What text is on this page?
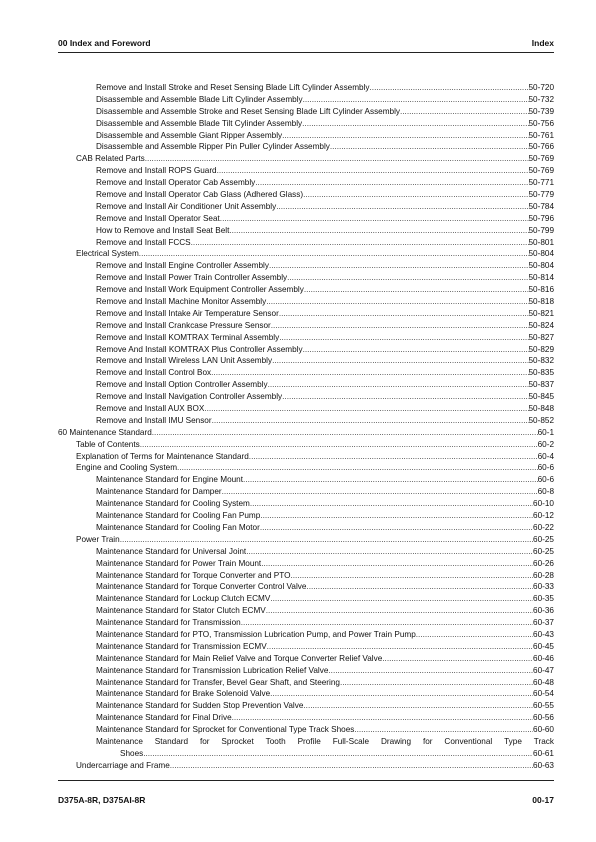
00 Index and Foreword	Index
Remove and Install Stroke and Reset Sensing Blade Lift Cylinder Assembly .....	50-720
Disassemble and Assemble Blade Lift Cylinder Assembly .....	50-732
Disassemble and Assemble Stroke and Reset Sensing Blade Lift Cylinder Assembly .....	50-739
Disassemble and Assemble Blade Tilt Cylinder Assembly .....	50-756
Disassemble and Assemble Giant Ripper Assembly .....	50-761
Disassemble and Assemble Ripper Pin Puller Cylinder Assembly .....	50-766
CAB Related Parts .....	50-769
Remove and Install ROPS Guard .....	50-769
Remove and Install Operator Cab Assembly .....	50-771
Remove and Install Operator Cab Glass (Adhered Glass) .....	50-779
Remove and Install Air Conditioner Unit Assembly .....	50-784
Remove and Install Operator Seat .....	50-796
How to Remove and Install Seat Belt .....	50-799
Remove and Install FCCS .....	50-801
Electrical System .....	50-804
Remove and Install Engine Controller Assembly .....	50-804
Remove and Install Power Train Controller Assembly .....	50-814
Remove and Install Work Equipment Controller Assembly .....	50-816
Remove and Install Machine Monitor Assembly .....	50-818
Remove and Install Intake Air Temperature Sensor .....	50-821
Remove and Install Crankcase Pressure Sensor .....	50-824
Remove and Install KOMTRAX Terminal Assembly .....	50-827
Remove And Install KOMTRAX Plus Controller Assembly .....	50-829
Remove and Install Wireless LAN Unit Assembly .....	50-832
Remove and Install Control Box .....	50-835
Remove and Install Option Controller Assembly .....	50-837
Remove and Install Navigation Controller Assembly .....	50-845
Remove and Install AUX BOX .....	50-848
Remove and Install IMU Sensor .....	50-852
60 Maintenance Standard .....	60-1
Table of Contents .....	60-2
Explanation of Terms for Maintenance Standard .....	60-4
Engine and Cooling System .....	60-6
Maintenance Standard for Engine Mount .....	60-6
Maintenance Standard for Damper .....	60-8
Maintenance Standard for Cooling System .....	60-10
Maintenance Standard for Cooling Fan Pump .....	60-12
Maintenance Standard for Cooling Fan Motor .....	60-22
Power Train .....	60-25
Maintenance Standard for Universal Joint .....	60-25
Maintenance Standard for Power Train Mount .....	60-26
Maintenance Standard for Torque Converter and PTO .....	60-28
Maintenance Standard for Torque Converter Control Valve .....	60-33
Maintenance Standard for Lockup Clutch ECMV .....	60-35
Maintenance Standard for Stator Clutch ECMV .....	60-36
Maintenance Standard for Transmission .....	60-37
Maintenance Standard for PTO, Transmission Lubrication Pump, and Power Train Pump .....	60-43
Maintenance Standard for Transmission ECMV .....	60-45
Maintenance Standard for Main Relief Valve and Torque Converter Relief Valve .....	60-46
Maintenance Standard for Transmission Lubrication Relief Valve .....	60-47
Maintenance Standard for Transfer, Bevel Gear Shaft, and Steering .....	60-48
Maintenance Standard for Brake Solenoid Valve .....	60-54
Maintenance Standard for Sudden Stop Prevention Valve .....	60-55
Maintenance Standard for Final Drive .....	60-56
Maintenance Standard for Sprocket for Conventional Type Track Shoes .....	60-60
Maintenance Standard for Sprocket Tooth Profile Full-Scale Drawing for Conventional Type Track
Shoes .....	60-61
Undercarriage and Frame .....	60-63
D375A-8R, D375AI-8R	00-17
